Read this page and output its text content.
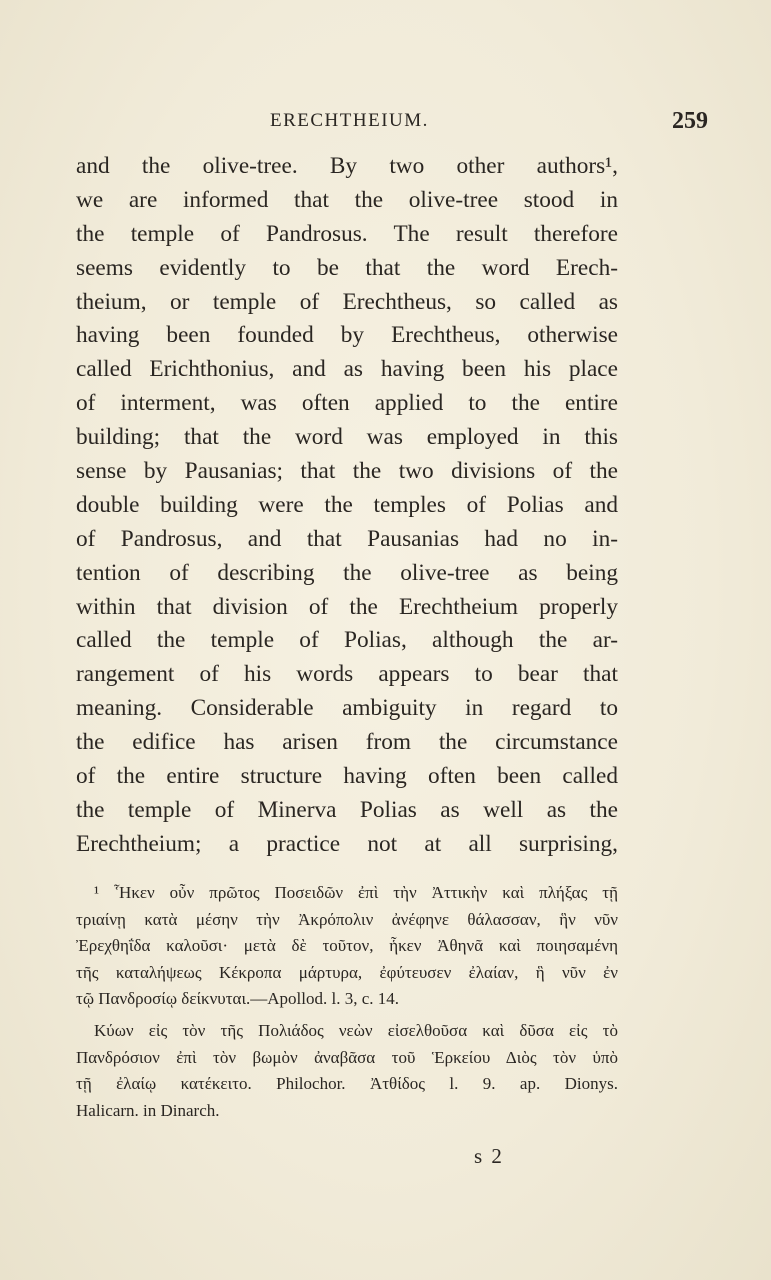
ERECHTHEIUM.	259
and the olive-tree. By two other authors¹,
we are informed that the olive-tree stood in
the temple of Pandrosus. The result therefore
seems evidently to be that the word Erech-
theium, or temple of Erechtheus, so called as
having been founded by Erechtheus, otherwise
called Erichthonius, and as having been his place
of interment, was often applied to the entire
building; that the word was employed in this
sense by Pausanias; that the two divisions of the
double building were the temples of Polias and
of Pandrosus, and that Pausanias had no in-
tention of describing the olive-tree as being
within that division of the Erechtheium properly
called the temple of Polias, although the ar-
rangement of his words appears to bear that
meaning. Considerable ambiguity in regard to
the edifice has arisen from the circumstance
of the entire structure having often been called
the temple of Minerva Polias as well as the
Erechtheium; a practice not at all surprising,
¹ Ἧκεν οὖν πρῶτος Ποσειδῶν ἐπὶ τὴν Ἀττικὴν καὶ πλήξας τῇ
τριαίνῃ κατὰ μέσην τὴν Ἀκρόπολιν ἀνέφηνε θάλασσαν, ἣν νῦν
Ἐρεχθηΐδα καλοῦσι· μετὰ δὲ τοῦτον, ἧκεν Ἀθηνᾶ καὶ ποιησαμένη
τῆς καταλήψεως Κέκροπα μάρτυρα, ἐφύτευσεν ἐλαίαν, ἣ νῦν ἐν
τῷ Πανδροσίῳ δείκνυται.—Apollod. l. 3, c. 14.
Κύων εἰς τὸν τῆς Πολιάδος νεὼν εἰσελθοῦσα καὶ δῦσα εἰς τὸ
Πανδρόσιον ἐπὶ τὸν βωμὸν ἀναβᾶσα τοῦ Ἑρκείου Διὸς τὸν ὑπὸ
τῇ ἐλαίῳ κατέκειτο. Philochor. Ἀτθίδος l. 9. ap. Dionys.
Halicarn. in Dinarch.
s 2
